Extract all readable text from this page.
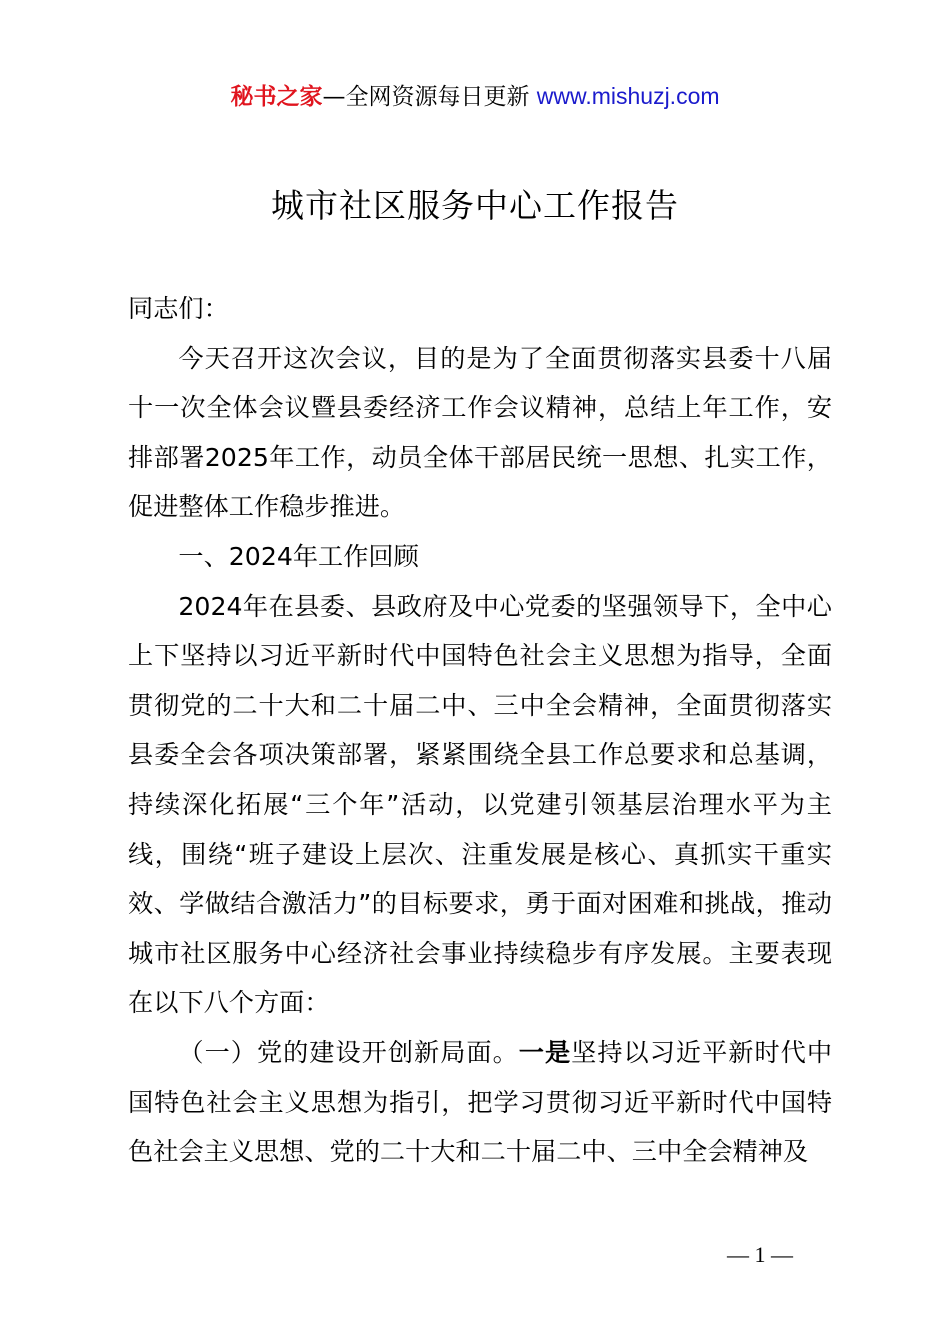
秘书之家—全网资源每日更新 www.mishuzj.com
城市社区服务中心工作报告

同志们：

今天召开这次会议，目的是为了全面贯彻落实县委十八届十一次全体会议暨县委经济工作会议精神，总结上年工作，安排部署2025年工作，动员全体干部居民统一思想、扎实工作，促进整体工作稳步推进。

一、2024年工作回顾

2024年在县委、县政府及中心党委的坚强领导下，全中心上下坚持以习近平新时代中国特色社会主义思想为指导，全面贯彻党的二十大和二十届二中、三中全会精神，全面贯彻落实县委全会各项决策部署，紧紧围绕全县工作总要求和总基调，持续深化拓展“三个年”活动，以党建引领基层治理水平为主线，围绕“班子建设上层次、注重发展是核心、真抓实干重实效、学做结合激活力”的目标要求，勇于面对困难和挑战，推动城市社区服务中心经济社会事业持续稳步有序发展。主要表现在以下八个方面：

（一）党的建设开创新局面。一是坚持以习近平新时代中国特色社会主义思想为指引，把学习贯彻习近平新时代中国特色社会主义思想、党的二十大和二十届二中、三中全会精神及

— 1 —
